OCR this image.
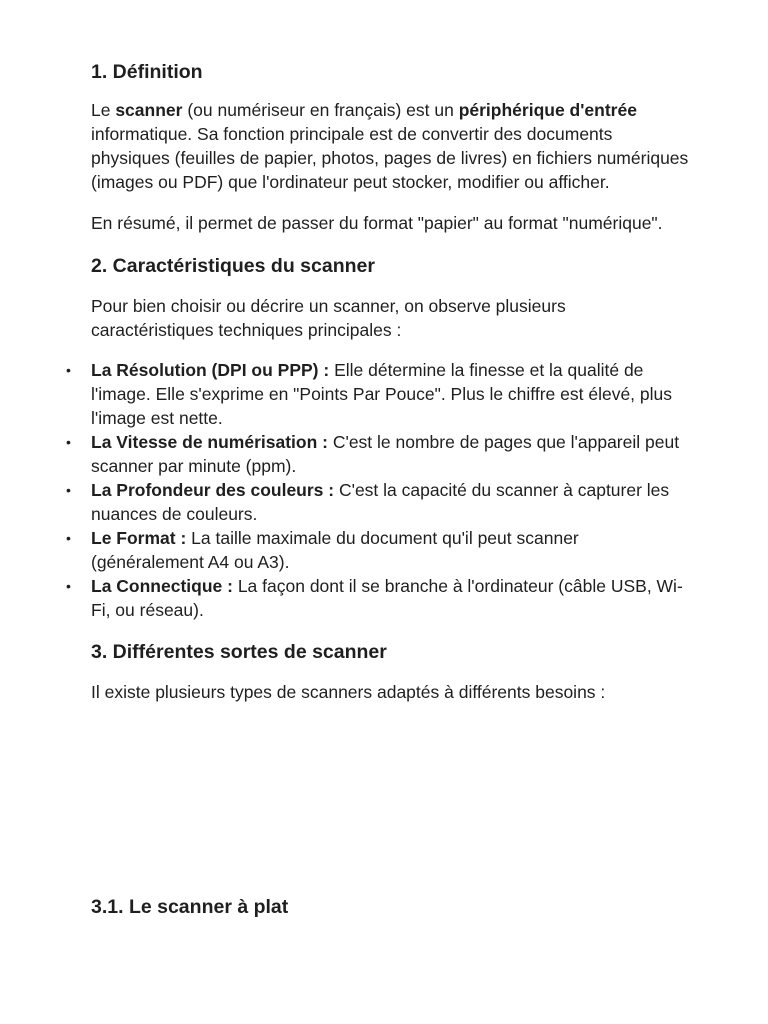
1. Définition

Le scanner (ou numériseur en français) est un périphérique d'entrée informatique. Sa fonction principale est de convertir des documents physiques (feuilles de papier, photos, pages de livres) en fichiers numériques (images ou PDF) que l'ordinateur peut stocker, modifier ou afficher.

En résumé, il permet de passer du format "papier" au format "numérique".

2. Caractéristiques du scanner

Pour bien choisir ou décrire un scanner, on observe plusieurs caractéristiques techniques principales :

• La Résolution (DPI ou PPP) : Elle détermine la finesse et la qualité de l'image. Elle s'exprime en "Points Par Pouce". Plus le chiffre est élevé, plus l'image est nette.
• La Vitesse de numérisation : C'est le nombre de pages que l'appareil peut scanner par minute (ppm).
• La Profondeur des couleurs : C'est la capacité du scanner à capturer les nuances de couleurs.
• Le Format : La taille maximale du document qu'il peut scanner (généralement A4 ou A3).
• La Connectique : La façon dont il se branche à l'ordinateur (câble USB, Wi-Fi, ou réseau).
3. Différentes sortes de scanner

Il existe plusieurs types de scanners adaptés à différents besoins :

3.1. Le scanner à plat
